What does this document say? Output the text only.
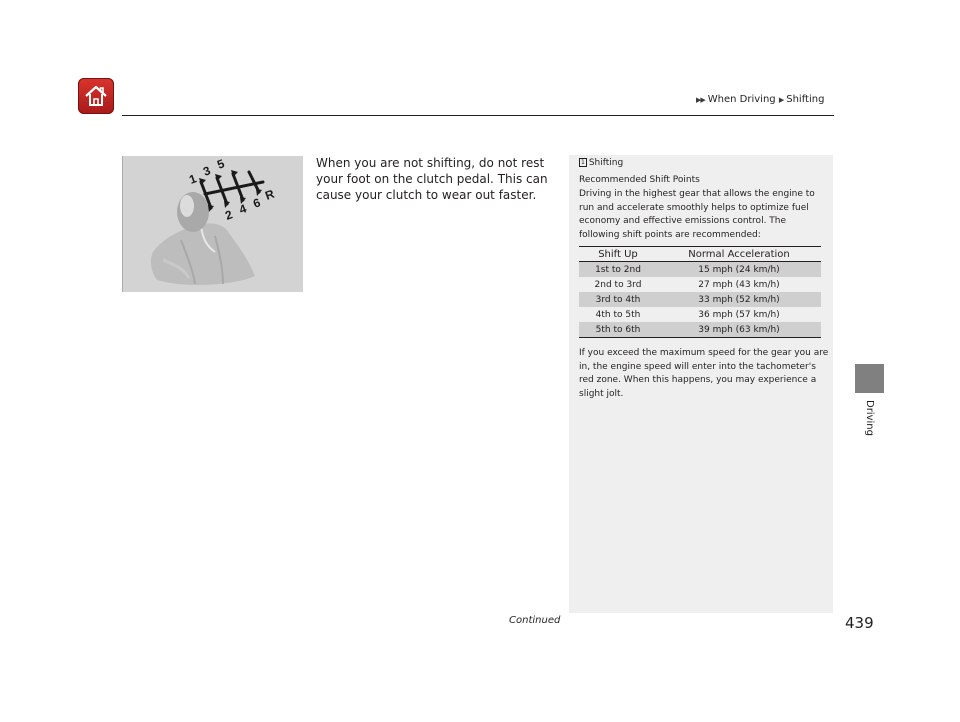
▶▶ When Driving ▶ Shifting
1
3 5
2 4 6
R
When you are not shifting, do not rest your foot on the clutch pedal. This can cause your clutch to wear out faster.
1 Shifting
Recommended Shift Points
Driving in the highest gear that allows the engine to run and accelerate smoothly helps to optimize fuel economy and effective emissions control. The following shift points are recommended:
Shift Up	Normal Acceleration
1st to 2nd	15 mph (24 km/h)
2nd to 3rd	27 mph (43 km/h)
3rd to 4th	33 mph (52 km/h)
4th to 5th	36 mph (57 km/h)
5th to 6th	39 mph (63 km/h)
If you exceed the maximum speed for the gear you are in, the engine speed will enter into the tachometer's red zone. When this happens, you may experience a slight jolt.
Driving
Continued	439
